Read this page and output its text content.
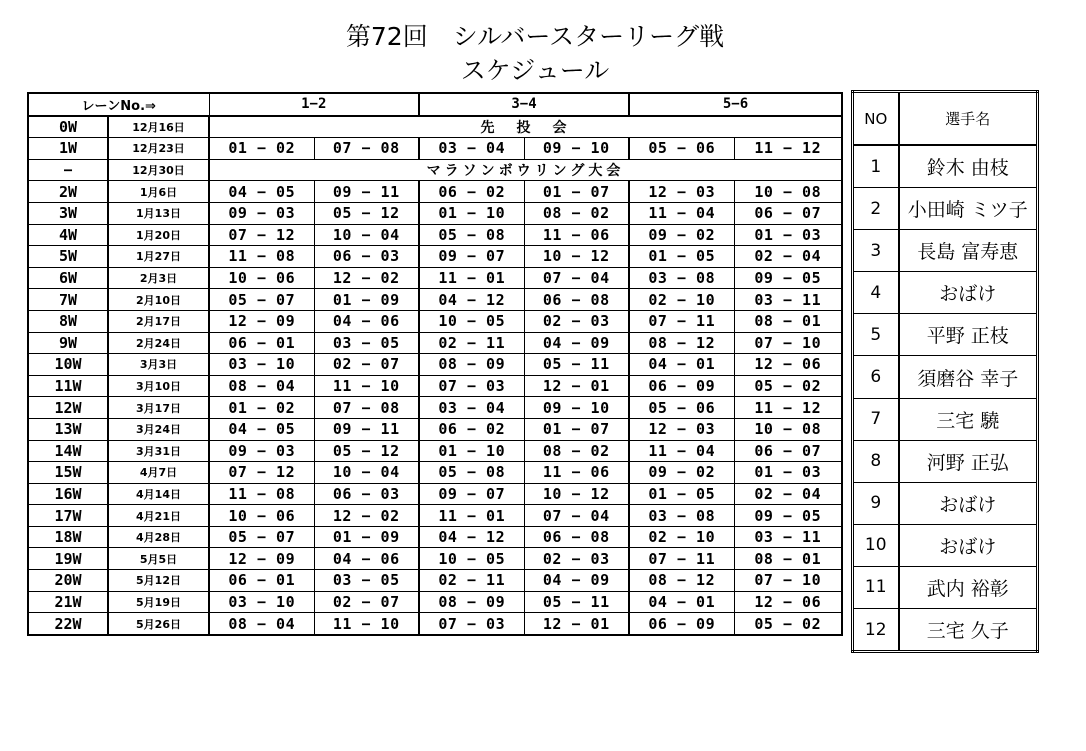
第72回　シルバースターリーグ戦
スケジュール
レーンNo.⇒		1−2		3−4		5−6	
0W	12月16日	先　投　会					
1W	12月23日	01 − 02	07 − 08	03 − 04	09 − 10	05 − 06	11 − 12
−	12月30日	マラソンボウリング大会					
2W	1月6日	04 − 05	09 − 11	06 − 02	01 − 07	12 − 03	10 − 08
3W	1月13日	09 − 03	05 − 12	01 − 10	08 − 02	11 − 04	06 − 07
4W	1月20日	07 − 12	10 − 04	05 − 08	11 − 06	09 − 02	01 − 03
5W	1月27日	11 − 08	06 − 03	09 − 07	10 − 12	01 − 05	02 − 04
6W	2月3日	10 − 06	12 − 02	11 − 01	07 − 04	03 − 08	09 − 05
7W	2月10日	05 − 07	01 − 09	04 − 12	06 − 08	02 − 10	03 − 11
8W	2月17日	12 − 09	04 − 06	10 − 05	02 − 03	07 − 11	08 − 01
9W	2月24日	06 − 01	03 − 05	02 − 11	04 − 09	08 − 12	07 − 10
10W	3月3日	03 − 10	02 − 07	08 − 09	05 − 11	04 − 01	12 − 06
11W	3月10日	08 − 04	11 − 10	07 − 03	12 − 01	06 − 09	05 − 02
12W	3月17日	01 − 02	07 − 08	03 − 04	09 − 10	05 − 06	11 − 12
13W	3月24日	04 − 05	09 − 11	06 − 02	01 − 07	12 − 03	10 − 08
14W	3月31日	09 − 03	05 − 12	01 − 10	08 − 02	11 − 04	06 − 07
15W	4月7日	07 − 12	10 − 04	05 − 08	11 − 06	09 − 02	01 − 03
16W	4月14日	11 − 08	06 − 03	09 − 07	10 − 12	01 − 05	02 − 04
17W	4月21日	10 − 06	12 − 02	11 − 01	07 − 04	03 − 08	09 − 05
18W	4月28日	05 − 07	01 − 09	04 − 12	06 − 08	02 − 10	03 − 11
19W	5月5日	12 − 09	04 − 06	10 − 05	02 − 03	07 − 11	08 − 01
20W	5月12日	06 − 01	03 − 05	02 − 11	04 − 09	08 − 12	07 − 10
21W	5月19日	03 − 10	02 − 07	08 − 09	05 − 11	04 − 01	12 − 06
22W	5月26日	08 − 04	11 − 10	07 − 03	12 − 01	06 − 09	05 − 02
NO	選手名
1	鈴木 由枝
2	小田崎 ミツ子
3	長島 富寿恵
4	おばけ
5	平野 正枝
6	須磨谷 幸子
7	三宅 驍
8	河野 正弘
9	おばけ
10	おばけ
11	武内 裕彰
12	三宅 久子
